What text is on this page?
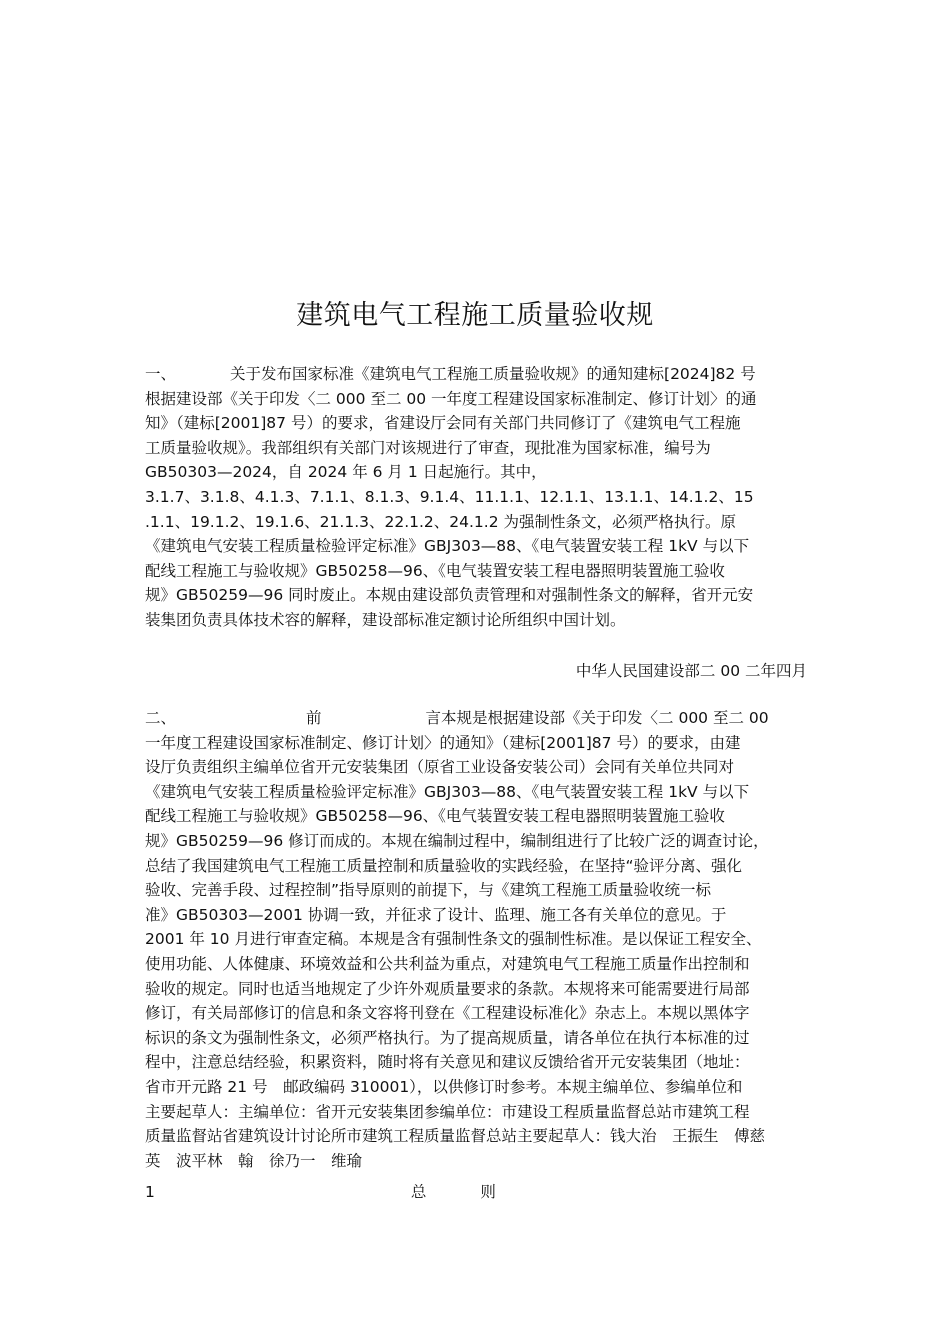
建筑电气工程施工质量验收规
一、	关于发布国家标准《建筑电气工程施工质量验收规》的通知建标[2024]82 号
根据建设部《关于印发〈二 000 至二 00 一年度工程建设国家标准制定、修订计划〉的通
知》（建标[2001]87 号）的要求，省建设厅会同有关部门共同修订了《建筑电气工程施
工质量验收规》。我部组织有关部门对该规进行了审查，现批准为国家标准，编号为
GB50303—2024，自 2024 年 6 月 1 日起施行。其中，
3.1.7、3.1.8、4.1.3、7.1.1、8.1.3、9.1.4、11.1.1、12.1.1、13.1.1、14.1.2、15
.1.1、19.1.2、19.1.6、21.1.3、22.1.2、24.1.2 为强制性条文，必须严格执行。原
《建筑电气安装工程质量检验评定标准》GBJ303—88、《电气装置安装工程 1kV 与以下
配线工程施工与验收规》GB50258—96、《电气装置安装工程电器照明装置施工验收
规》GB50259—96 同时废止。本规由建设部负责管理和对强制性条文的解释，省开元安
装集团负责具体技术容的解释，建设部标准定额讨论所组织中国计划。
中华人民国建设部二 00 二年四月
二、	前	言本规是根据建设部《关于印发〈二 000 至二 00
一年度工程建设国家标准制定、修订计划〉的通知》（建标[2001]87 号）的要求，由建
设厅负责组织主编单位省开元安装集团（原省工业设备安装公司）会同有关单位共同对
《建筑电气安装工程质量检验评定标准》GBJ303—88、《电气装置安装工程 1kV 与以下
配线工程施工与验收规》GB50258—96、《电气装置安装工程电器照明装置施工验收
规》GB50259—96 修订而成的。本规在编制过程中，编制组进行了比较广泛的调查讨论，
总结了我国建筑电气工程施工质量控制和质量验收的实践经验，在坚持“验评分离、强化
验收、完善手段、过程控制”指导原则的前提下，与《建筑工程施工质量验收统一标
准》GB50303—2001 协调一致，并征求了设计、监理、施工各有关单位的意见。于
2001 年 10 月进行审查定稿。本规是含有强制性条文的强制性标准。是以保证工程安全、
使用功能、人体健康、环境效益和公共利益为重点，对建筑电气工程施工质量作出控制和
验收的规定。同时也适当地规定了少许外观质量要求的条款。本规将来可能需要进行局部
修订，有关局部修订的信息和条文容将刊登在《工程建设标准化》杂志上。本规以黑体字
标识的条文为强制性条文，必须严格执行。为了提高规质量，请各单位在执行本标准的过
程中，注意总结经验，积累资料，随时将有关意见和建议反馈给省开元安装集团（地址：
省市开元路 21 号　邮政编码 310001），以供修订时参考。本规主编单位、参编单位和
主要起草人：主编单位：省开元安装集团参编单位：市建设工程质量监督总站市建筑工程
质量监督站省建筑设计讨论所市建筑工程质量监督总站主要起草人：钱大治　王振生　傅慈
英　波平林　翰　徐乃一　维瑜
1	总	则
